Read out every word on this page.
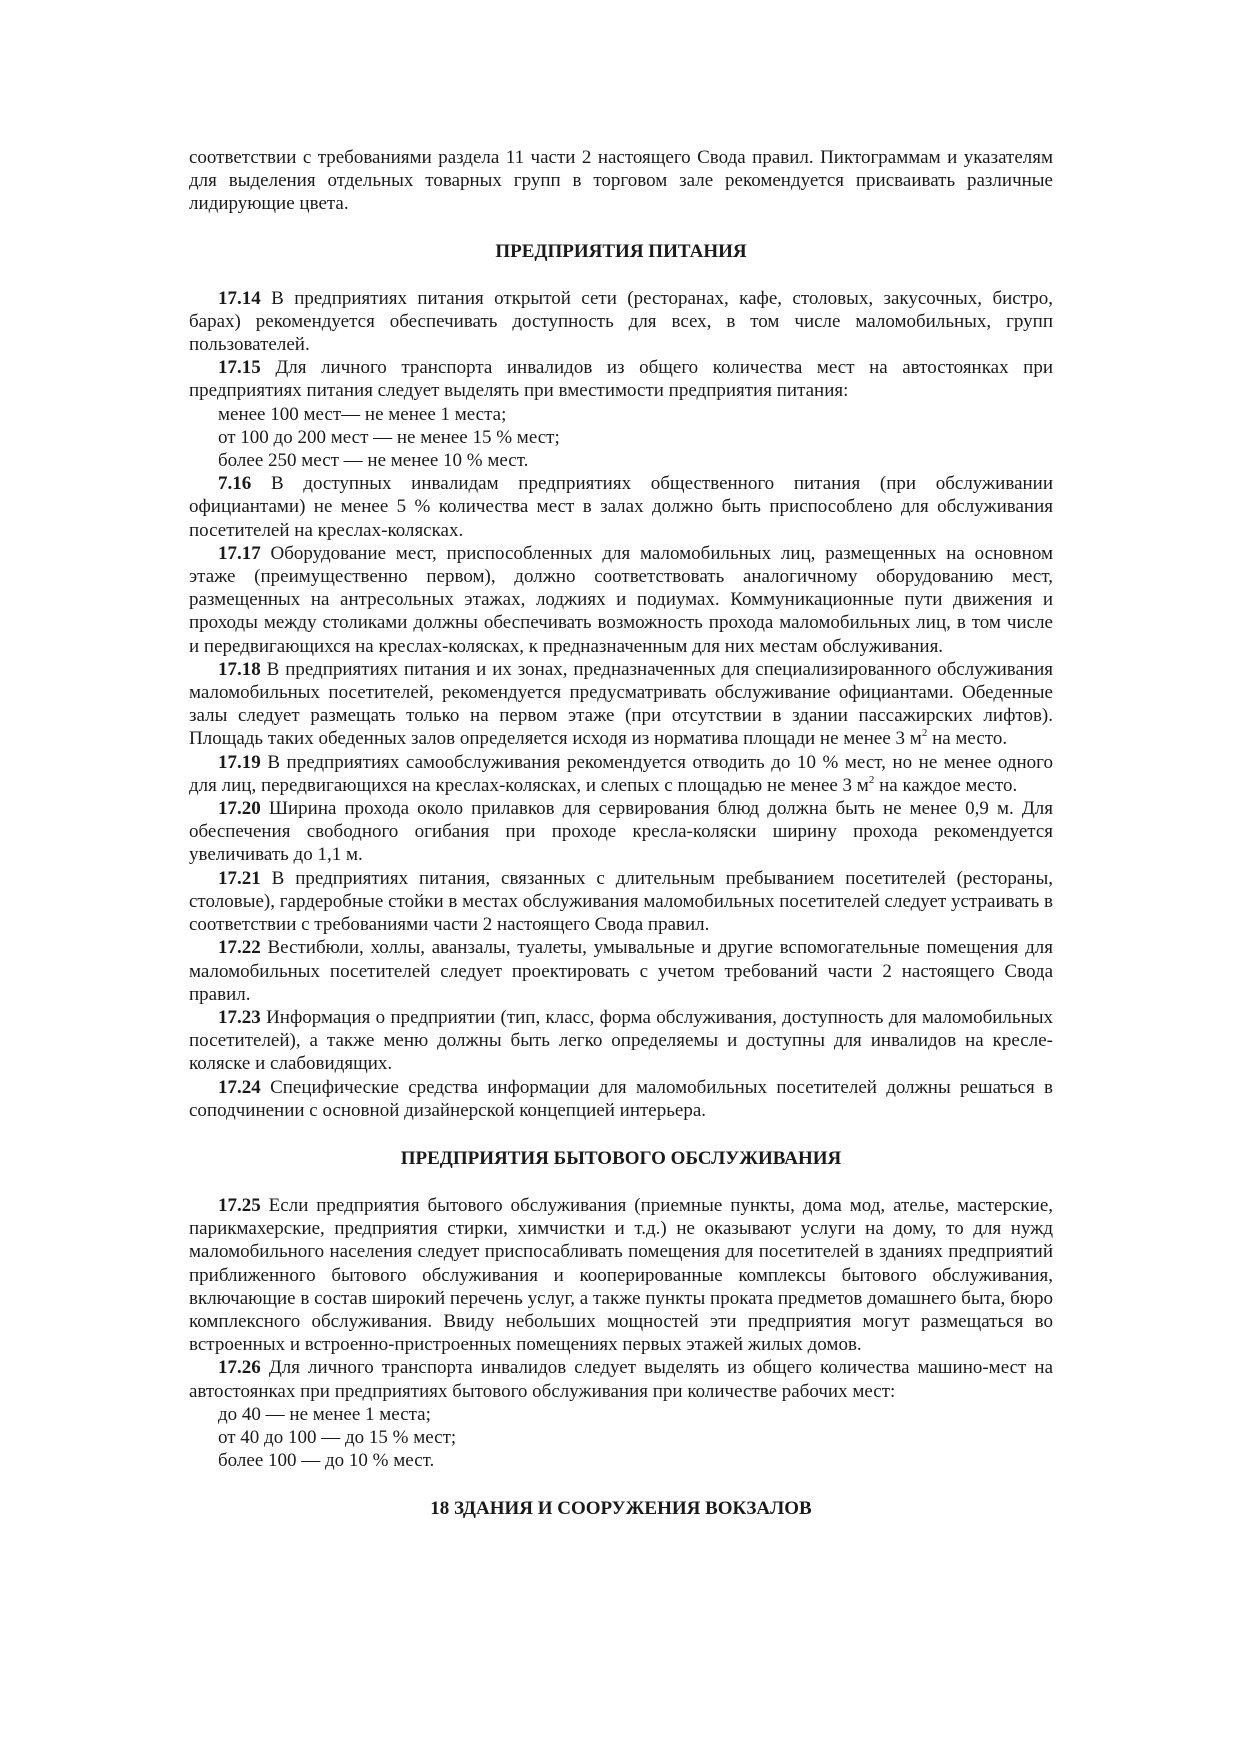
соответствии с требованиями раздела 11 части 2 настоящего Свода правил. Пиктограммам и указателям для выделения отдельных товарных групп в торговом зале рекомендуется присваивать различные лидирующие цвета.

ПРЕДПРИЯТИЯ ПИТАНИЯ

17.14 В предприятиях питания открытой сети (ресторанах, кафе, столовых, закусочных, бистро, барах) рекомендуется обеспечивать доступность для всех, в том числе маломобильных, групп пользователей.

17.15 Для личного транспорта инвалидов из общего количества мест на автостоянках при предприятиях питания следует выделять при вместимости предприятия питания:

менее 100 мест— не менее 1 места;

от 100 до 200 мест — не менее 15 % мест;

более 250 мест — не менее 10 % мест.

7.16 В доступных инвалидам предприятиях общественного питания (при обслуживании официантами) не менее 5 % количества мест в залах должно быть приспособлено для обслуживания посетителей на креслах-колясках.

17.17 Оборудование мест, приспособленных для маломобильных лиц, размещенных на основном этаже (преимущественно первом), должно соответствовать аналогичному оборудованию мест, размещенных на антресольных этажах, лоджиях и подиумах. Коммуникационные пути движения и проходы между столиками должны обеспечивать возможность прохода маломобильных лиц, в том числе и передвигающихся на креслах-колясках, к предназначенным для них местам обслуживания.

17.18 В предприятиях питания и их зонах, предназначенных для специализированного обслуживания маломобильных посетителей, рекомендуется предусматривать обслуживание официантами. Обеденные залы следует размещать только на первом этаже (при отсутствии в здании пассажирских лифтов). Площадь таких обеденных залов определяется исходя из норматива площади не менее 3 $м^2$ на место.

17.19 В предприятиях самообслуживания рекомендуется отводить до 10 % мест, но не менее одного для лиц, передвигающихся на креслах-колясках, и слепых с площадью не менее 3 $м^2$ на каждое место.

17.20 Ширина прохода около прилавков для сервирования блюд должна быть не менее 0,9 м. Для обеспечения свободного огибания при проходе кресла-коляски ширину прохода рекомендуется увеличивать до 1,1 м.

17.21 В предприятиях питания, связанных с длительным пребыванием посетителей (рестораны, столовые), гардеробные стойки в местах обслуживания маломобильных посетителей следует устраивать в соответствии с требованиями части 2 настоящего Свода правил.

17.22 Вестибюли, холлы, аванзалы, туалеты, умывальные и другие вспомогательные помещения для маломобильных посетителей следует проектировать с учетом требований части 2 настоящего Свода правил.

17.23 Информация о предприятии (тип, класс, форма обслуживания, доступность для маломобильных посетителей), а также меню должны быть легко определяемы и доступны для инвалидов на кресле-коляске и слабовидящих.

17.24 Специфические средства информации для маломобильных посетителей должны решаться в соподчинении с основной дизайнерской концепцией интерьера.

ПРЕДПРИЯТИЯ БЫТОВОГО ОБСЛУЖИВАНИЯ

17.25 Если предприятия бытового обслуживания (приемные пункты, дома мод, ателье, мастерские, парикмахерские, предприятия стирки, химчистки и т.д.) не оказывают услуги на дому, то для нужд маломобильного населения следует приспосабливать помещения для посетителей в зданиях предприятий приближенного бытового обслуживания и кооперированные комплексы бытового обслуживания, включающие в состав широкий перечень услуг, а также пункты проката предметов домашнего быта, бюро комплексного обслуживания. Ввиду небольших мощностей эти предприятия могут размещаться во встроенных и встроенно-пристроенных помещениях первых этажей жилых домов.

17.26 Для личного транспорта инвалидов следует выделять из общего количества машино-мест на автостоянках при предприятиях бытового обслуживания при количестве рабочих мест:

до 40 — не менее 1 места;

от 40 до 100 — до 15 % мест;

более 100 — до 10 % мест.

18 ЗДАНИЯ И СООРУЖЕНИЯ ВОКЗАЛОВ
